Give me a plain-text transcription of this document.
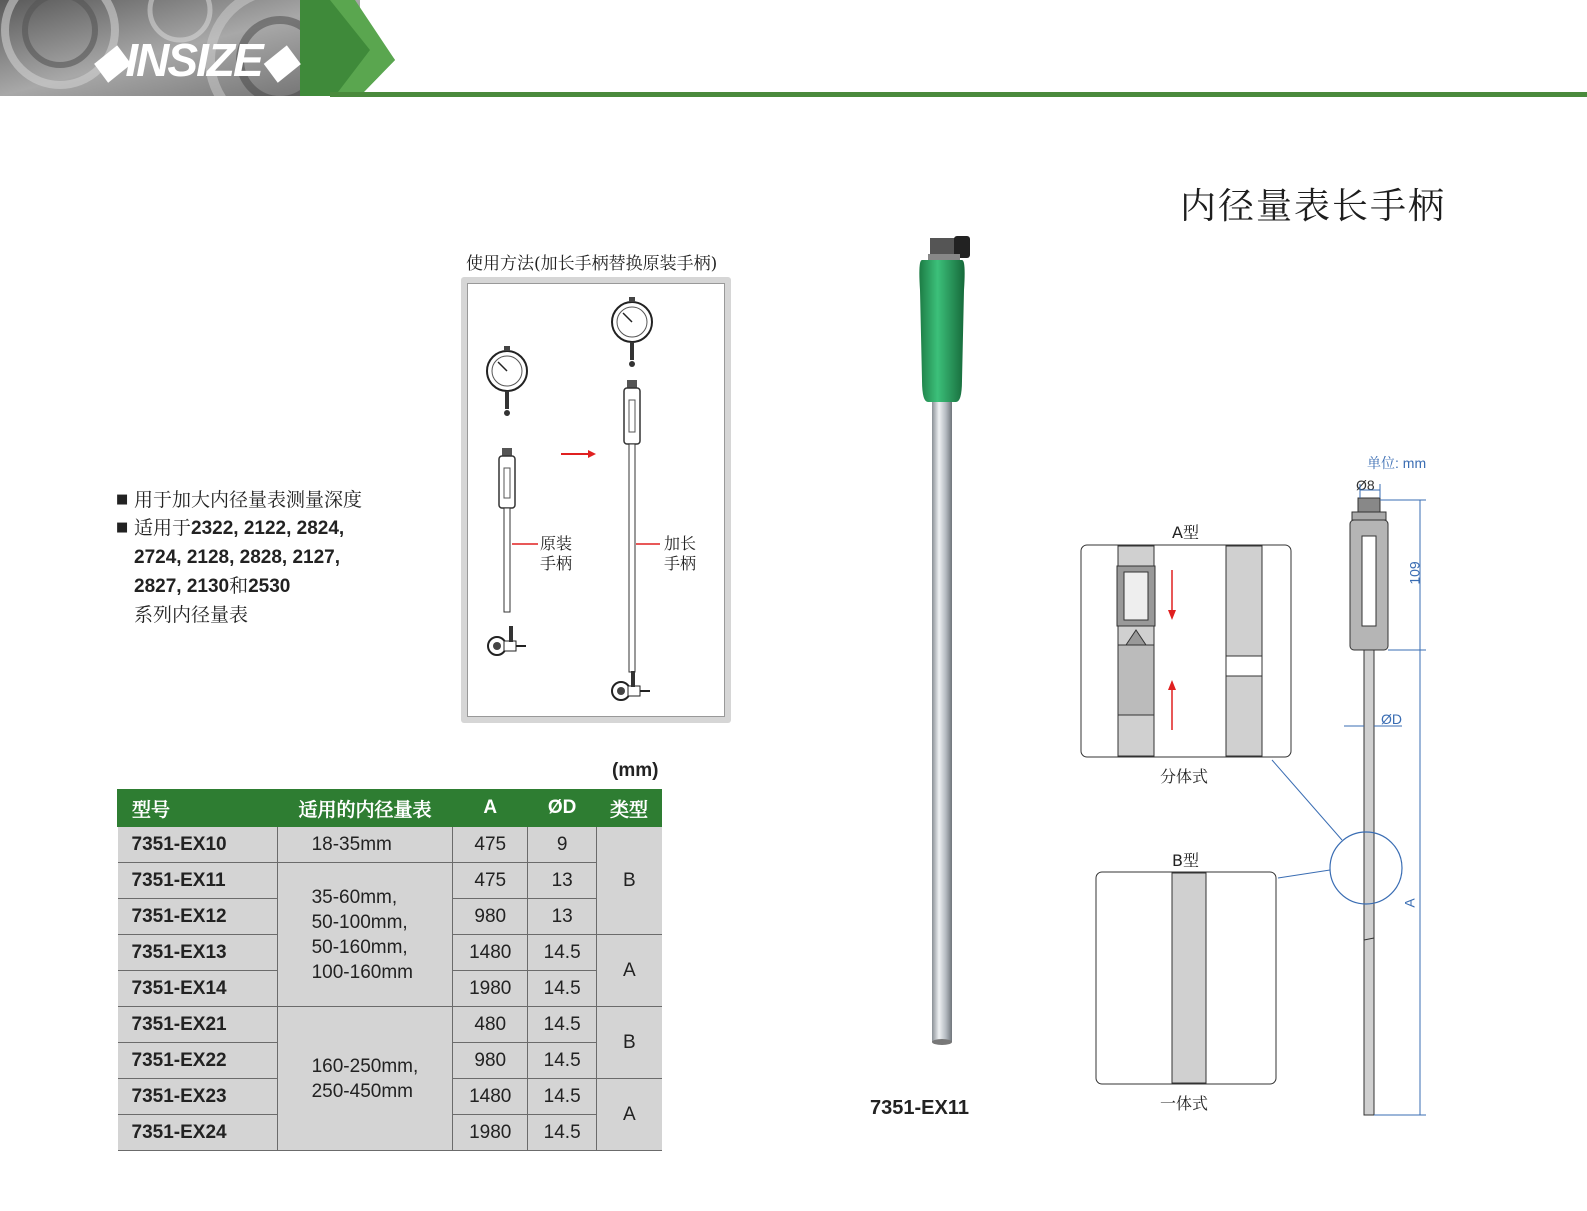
◆INSIZE◆
内径量表长手柄
使用方法(加长手柄替换原装手柄)
原装
手柄
加长
手柄
■ 用于加大内径量表测量深度
■ 适用于2322, 2122, 2824,
2724, 2128, 2828, 2127,
2827, 2130和2530
系列内径量表
(mm)
型号	适用的内径量表	A	ØD	类型
7351-EX10	18-35mm	475	9	B
7351-EX11	35-60mm,
50-100mm,
50-160mm,
100-160mm	475	13	
7351-EX12		980	13	
7351-EX13		1480	14.5	A
7351-EX14		1980	14.5	
7351-EX21	160-250mm,
250-450mm	480	14.5	B
7351-EX22		980	14.5	
7351-EX23		1480	14.5	A
7351-EX24		1980	14.5	
7351-EX11
单位: mm
Ø8
109
ØD
A
A型
分体式
B型
一体式
